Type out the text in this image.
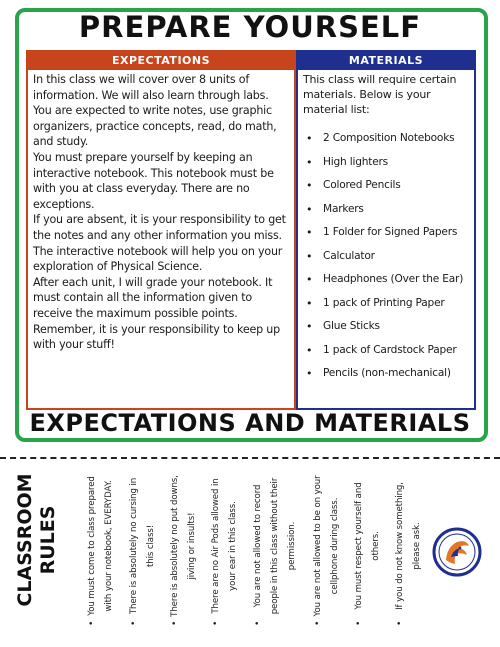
PREPARE YOURSELF
EXPECTATIONS

In this class we will cover over 8 units of information. We will also learn through labs. You are expected to write notes, use graphic organizers, practice concepts, read, do math, and study.

You must prepare yourself by keeping an interactive notebook. This notebook must be with you at class everyday. There are no exceptions.

If you are absent, it is your responsibility to get the notes and any other information you miss.

The interactive notebook will help you on your exploration of Physical Science.

After each unit, I will grade your notebook. It must contain all the information given to receive the maximum possible points.

Remember, it is your responsibility to keep up with your stuff!

MATERIALS

This class will require certain materials. Below is your material list:

• 2 Composition Notebooks
• High lighters
• Colored Pencils
• Markers
• 1 Folder for Signed Papers
• Calculator
• Headphones (Over the Ear)
• 1 pack of Printing Paper
• Glue Sticks
• 1 pack of Cardstock Paper
• Pencils (non-mechanical)
EXPECTATIONS AND MATERIALS
CLASSROOM RULES
•
You must come to class prepared with your notebook, EVERYDAY.
•
There is absolutely no cursing in this class!
•
There is absolutely no put downs, jiving or insults!
•
There are no Air Pods allowed in your ear in this class.
•
You are not allowed to record people in this class without their permission.
•
You are not allowed to be on your cellphone during class.
•
You must respect yourself and others.
•
If you do not know something, please ask.
